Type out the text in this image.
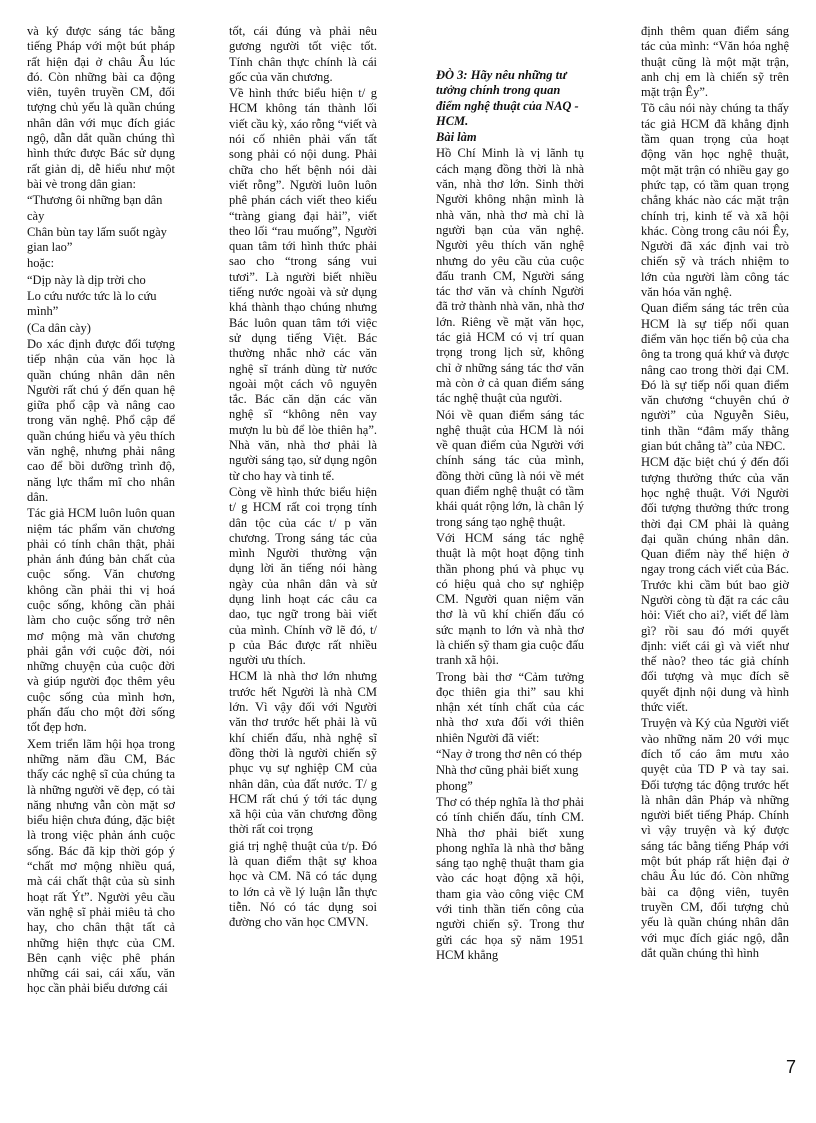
và ký được sáng tác bằng tiếng Pháp với một bút pháp rất hiện đại ở châu Âu lúc đó. Còn những bài ca động viên, tuyên truyền CM, đối tượng chủ yếu là quần chúng nhân dân với mục đích giác ngộ, dẫn dắt quần chúng thì hình thức được Bác sử dụng rất giản dị, dễ hiểu như một bài vè trong dân gian:

“Thương ôi những bạn dân cày

Chân bùn tay lấm suốt ngày gian lao”

hoặc:

“Dịp này là dịp trời cho

Lo cứu nước tức là lo cứu mình”

(Ca dân cày)

Do xác định được đối tượng tiếp nhận của văn học là quần chúng nhân dân nên Người rất chú ý đến quan hệ giữa phổ cập và nâng cao trong văn nghệ. Phổ cập để quần chúng hiểu và yêu thích văn nghệ, nhưng phải nâng cao để bồi dưỡng trình độ, năng lực thẩm mĩ cho nhân dân.

Tác giả HCM luôn luôn quan niệm tác phẩm văn chương phải có tính chân thật, phải phản ánh đúng bản chất của cuộc sống. Văn chương không cần phải thi vị hoá cuộc sống, không cần phải làm cho cuộc sống trở nên mơ mộng mà văn chương phải gắn với cuộc đời, nói những chuyện của cuộc đời và giúp người đọc thêm yêu cuộc sống của mình hơn, phấn đấu cho một đời sống tốt đẹp hơn.

Xem triển lãm hội họa trong những năm đầu CM, Bác thấy các nghệ sĩ của chúng ta là những người vẽ đẹp, có tài năng nhưng vẫn còn mặt sơ biểu hiện chưa đúng, đặc biệt là trong việc phản ánh cuộc sống. Bác đã kịp thời góp ý “chất mơ mộng nhiều quá, mà cái chất thật của sù sinh hoạt rất Ýt”. Người yêu cầu văn nghệ sĩ phải miêu tả cho hay, cho chân thật tất cả những hiện thực của CM. Bên cạnh việc phê phán những cái sai, cái xấu, văn học cần phải biểu dương cái

tốt, cái đúng và phải nêu gương người tốt việc tốt. Tính chân thực chính là cái gốc của văn chương.

Về hình thức biểu hiện t/ g HCM không tán thành lối viết cầu kỳ, xáo rỗng “viết và nói cố nhiên phải vấn tất song phải có nội dung. Phải chữa cho hết bệnh nói dài viết rỗng”. Người luôn luôn phê phán cách viết theo kiểu “tràng giang đại hải”, viết theo lối “rau muống”, Người quan tâm tới hình thức phải sao cho “trong sáng vui tươi”. Là người biết nhiều tiếng nước ngoài và sử dụng khá thành thạo chúng nhưng Bác luôn quan tâm tới việc sử dụng tiếng Việt. Bác thường nhắc nhở các văn nghệ sĩ tránh dùng từ nước ngoài một cách vô nguyên tắc. Bác căn dặn các văn nghệ sĩ “không nên vay mượn lu bù để lòe thiên hạ”. Nhà văn, nhà thơ phải là người sáng tạo, sử dụng ngôn từ cho hay và tinh tế.

Còng về hình thức biểu hiện t/ g HCM rất coi trọng tính dân tộc của các t/ p văn chương. Trong sáng tác của mình Người thường vận dụng lời ăn tiếng nói hàng ngày của nhân dân và sử dụng linh hoạt các câu ca dao, tục ngữ trong bài viết của mình. Chính vỡ lẽ đó, t/ p của Bác được rất nhiều người ưu thích.

HCM là nhà thơ lớn nhưng trước hết Người là nhà CM lớn. Vì vậy đối với Người văn thơ trước hết phải là vũ khí chiến đấu, nhà nghệ sĩ đồng thời là người chiến sỹ phục vụ sự nghiệp CM của nhân dân, của đất nước. T/ g HCM rất chú ý tới tác dụng xã hội của văn chương đồng thời rất coi trọng

giá trị nghệ thuật của t/p. Đó là quan điểm thật sự khoa học và CM. Nã có tác dụng to lớn cả về lý luận lẫn thực tiễn. Nó có tác dụng soi đường cho văn học CMVN.

ĐÒ 3: Hãy nêu những tư tưởng chính trong quan điểm nghệ thuật của NAQ - HCM.

Bài làm

Hồ Chí Minh là vị lãnh tụ cách mạng đồng thời là nhà văn, nhà thơ lớn. Sinh thời Người không nhận mình là nhà văn, nhà thơ mà chỉ là người bạn của văn nghệ. Người yêu thích văn nghệ nhưng do yêu cầu của cuộc đấu tranh CM, Người sáng tác thơ văn và chính Người đã trở thành nhà văn, nhà thơ lớn. Riêng về mặt văn học, tác giả HCM có vị trí quan trọng trong lịch sử, không chỉ ở những sáng tác thơ văn mà còn ở cả quan điểm sáng tác nghệ thuật của người.

Nói về quan điểm sáng tác nghệ thuật của HCM là nói về quan điểm của Người với chính sáng tác của mình, đồng thời cũng là nói về mét quan điểm nghệ thuật có tầm khái quát rộng lớn, là chân lý trong sáng tạo nghệ thuật.

Với HCM sáng tác nghệ thuật là một hoạt động tinh thần phong phú và phục vụ có hiệu quả cho sự nghiệp CM. Người quan niệm văn thơ là vũ khí chiến đấu có sức mạnh to lớn và nhà thơ là chiến sỹ tham gia cuộc đấu tranh xã hội.

Trong bài thơ “Cảm tưởng đọc thiên gia thi” sau khi nhận xét tính chất của các nhà thơ xưa đối với thiên nhiên Người đã viết:

“Nay ở trong thơ nên có thép

Nhà thơ cũng phải biết xung phong”

Thơ có thép nghĩa là thơ phải có tính chiến đấu, tính CM. Nhà thơ phải biết xung phong nghĩa là nhà thơ bằng sáng tạo nghệ thuật tham gia vào các hoạt động xã hội, tham gia vào công việc CM với tinh thần tiến công của người chiến sỹ. Trong thư gửi các họa sỹ năm 1951 HCM khẳng

định thêm quan điểm sáng tác của mình: “Văn hóa nghệ thuật cũng là một mặt trận, anh chị em là chiến sỹ trên mặt trận Êy”.

Tõ câu nói này chúng ta thấy tác giả HCM đã khẳng định tầm quan trọng của hoạt động văn học nghệ thuật, một mặt trận có nhiều gay go phức tạp, có tầm quan trọng chẳng khác nào các mặt trận chính trị, kinh tế và xã hội khác. Còng trong câu nói Êy, Người đã xác định vai trò chiến sỹ và trách nhiệm to lớn của người làm công tác văn hóa văn nghệ.

Quan điểm sáng tác trên của HCM là sự tiếp nối quan điểm văn học tiến bộ của cha ông ta trong quá khứ và được nâng cao trong thời đại CM. Đó là sự tiếp nối quan điểm văn chương “chuyên chú ở người” của Nguyễn Siêu, tinh thần “đâm mấy thằng gian bút chẳng tà” của NĐC.

HCM đặc biệt chú ý đến đối tượng thưởng thức của văn học nghệ thuật. Với Người đối tượng thưởng thức trong thời đại CM phải là quảng đại quần chúng nhân dân. Quan điểm này thể hiện ở ngay trong cách viết của Bác. Trước khi cầm bút bao giờ Người còng tù đặt ra các câu hỏi: Viết cho ai?, viết để làm gì? rồi sau đó mới quyết định: viết cái gì và viết như thế nào? theo tác giả chính đối tượng và mục đích sẽ quyết định nội dung và hình thức viết.

Truyện và Ký của Người viết vào những năm 20 với mục đích tố cáo âm mưu xảo quyệt của TD P và tay sai. Đối tượng tác động trước hết là nhân dân Pháp và những người biết tiếng Pháp. Chính vì vậy truyện và ký được sáng tác bằng tiếng Pháp với một bút pháp rất hiện đại ở châu Âu lúc đó. Còn những bài ca động viên, tuyên truyền CM, đối tượng chủ yếu là quần chúng nhân dân với mục đích giác ngộ, dẫn dắt quần chúng thì hình

7
